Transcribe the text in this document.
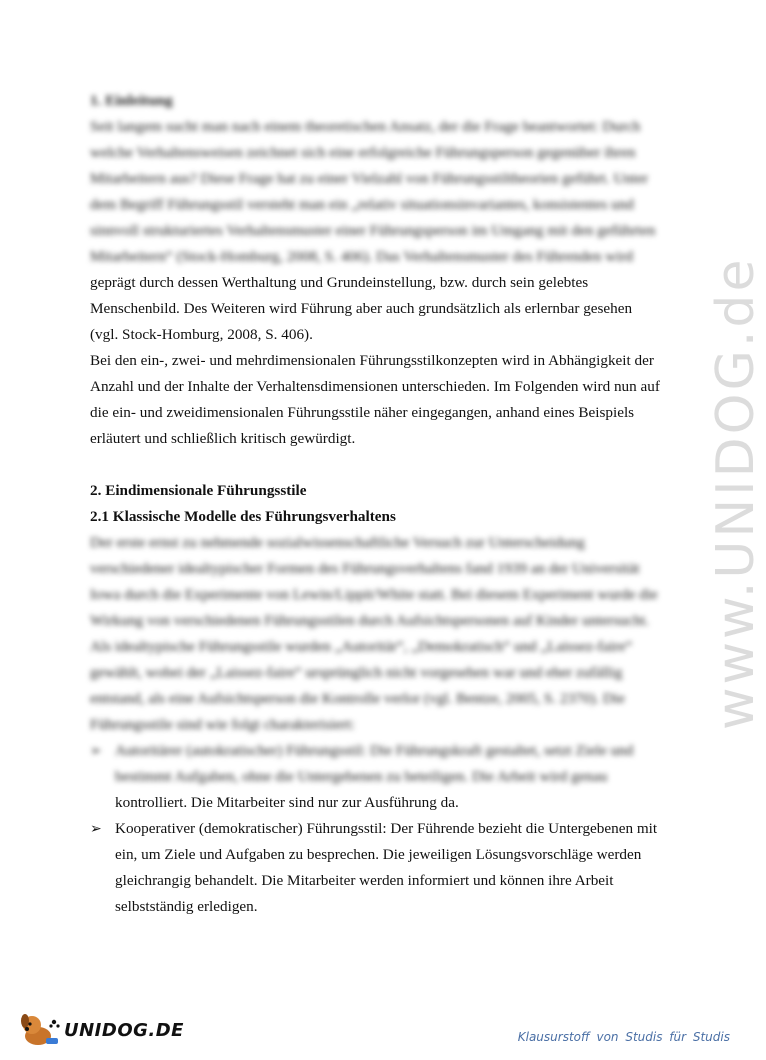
www.UNIDOG.de

1. Einleitung

Seit langem sucht man nach einem theoretischen Ansatz, der die Frage beantwortet: Durch welche Verhaltensweisen zeichnet sich eine erfolgreiche Führungsperson gegenüber ihren Mitarbeitern aus? Diese Frage hat zu einer Vielzahl von Führungsstiltheorien geführt. Unter dem Begriff Führungsstil versteht man ein „relativ situationsinvariantes, konsistentes und sinnvoll strukturiertes Verhaltensmuster einer Führungsperson im Umgang mit den geführten Mitarbeitern“ (Stock-Homburg, 2008, S. 406). Das Verhaltensmuster des Führenden wird

geprägt durch dessen Werthaltung und Grundeinstellung, bzw. durch sein gelebtes

Menschenbild. Des Weiteren wird Führung aber auch grundsätzlich als erlernbar gesehen

(vgl. Stock-Homburg, 2008, S. 406).

Bei den ein-, zwei- und mehrdimensionalen Führungsstilkonzepten wird in Abhängigkeit der

Anzahl und der Inhalte der Verhaltensdimensionen unterschieden. Im Folgenden wird nun auf

die ein- und zweidimensionalen Führungsstile näher eingegangen, anhand eines Beispiels

erläutert und schließlich kritisch gewürdigt.

2. Eindimensionale Führungsstile

2.1 Klassische Modelle des Führungsverhaltens

Der erste ernst zu nehmende sozialwissenschaftliche Versuch zur Unterscheidung verschiedener idealtypischer Formen des Führungsverhaltens fand 1939 an der Universität Iowa durch die Experimente von Lewin/Lippit/White statt. Bei diesem Experiment wurde die Wirkung von verschiedenen Führungsstilen durch Aufsichtspersonen auf Kinder untersucht. Als idealtypische Führungsstile wurden „Autoritär“, „Demokratisch“ und „Laissez-faire“ gewählt, wobei der „Laissez-faire“ ursprünglich nicht vorgesehen war und eher zufällig entstand, als eine Aufsichtsperson die Kontrolle verlor (vgl. Bentze, 2005, S. 2370). Die Führungsstile sind wie folgt charakterisiert:

➢ Autoritärer (autokratischer) Führungsstil: Die Führungskraft gestaltet, setzt Ziele und bestimmt Aufgaben, ohne die Untergebenen zu beteiligen. Die Arbeit wird genau
kontrolliert. Die Mitarbeiter sind nur zur Ausführung da.
➢ Kooperativer (demokratischer) Führungsstil: Der Führende bezieht die Untergebenen mit
ein, um Ziele und Aufgaben zu besprechen. Die jeweiligen Lösungsvorschläge werden
gleichrangig behandelt. Die Mitarbeiter werden informiert und können ihre Arbeit
selbstständig erledigen.
UNIDOG.DE	Klausurstoff von Studis für Studis
